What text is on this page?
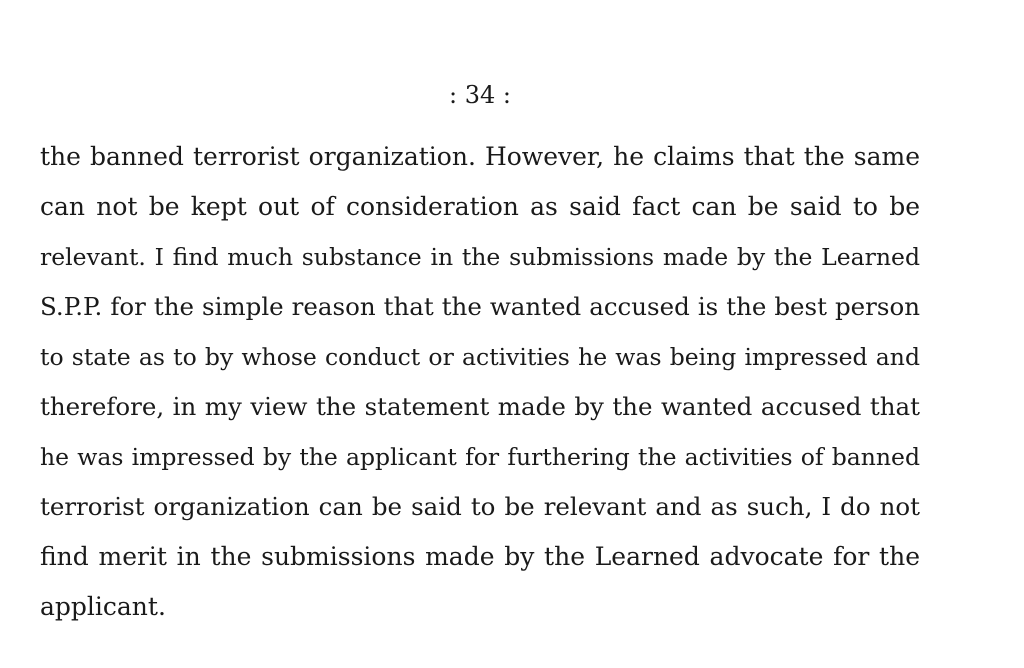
: 34 :
the banned terrorist organization. However, he claims that the same
can not be kept out of consideration as said fact can be said to be
relevant. I find much substance in the submissions made by the Learned
S.P.P. for the simple reason that the wanted accused is the best person
to state as to by whose conduct or activities he was being impressed and
therefore, in my view the statement made by the wanted accused that
he was impressed by the applicant for furthering the activities of banned
terrorist organization can be said to be relevant and as such, I do not
find merit in the submissions made by the Learned advocate for the
applicant.
